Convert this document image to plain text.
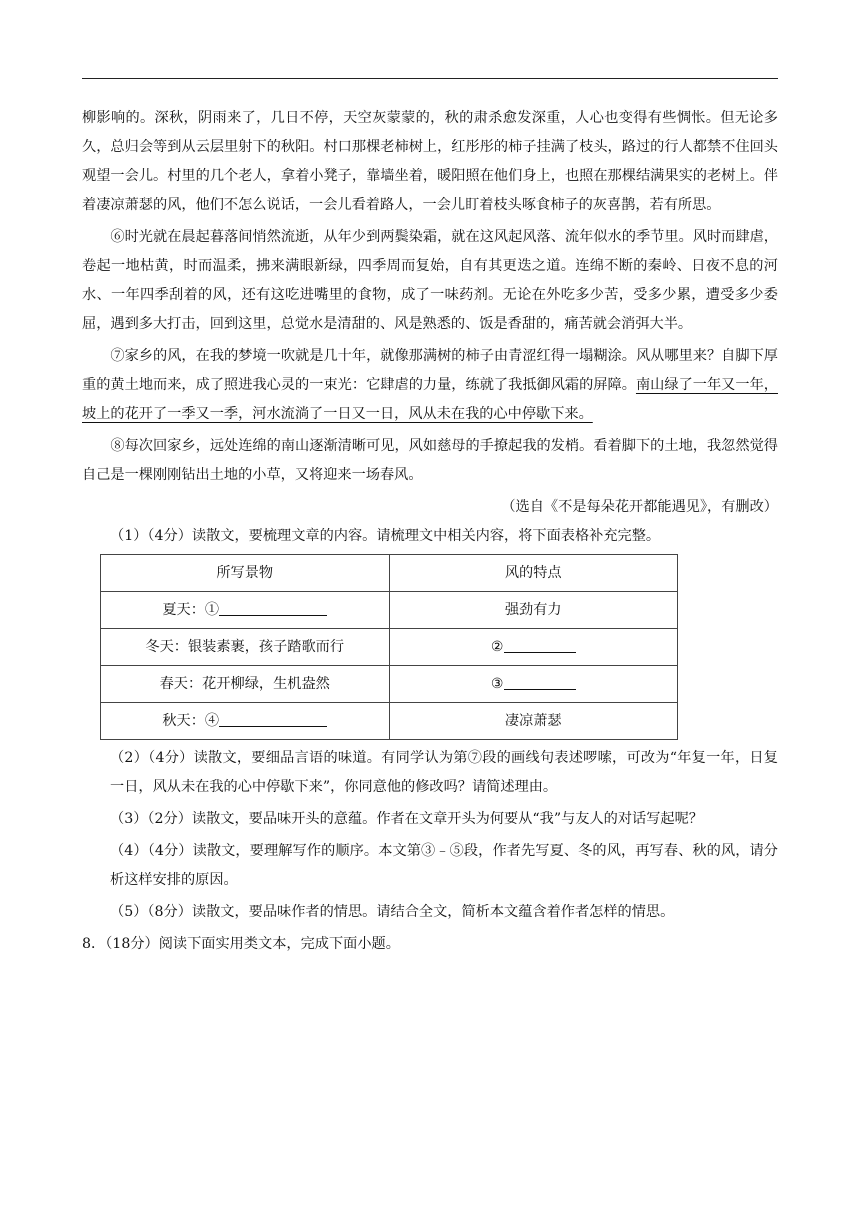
柳影响的。深秋，阴雨来了，几日不停，天空灰蒙蒙的，秋的肃杀愈发深重，人心也变得有些惆怅。但无论多久，总归会等到从云层里射下的秋阳。村口那棵老柿树上，红彤彤的柿子挂满了枝头，路过的行人都禁不住回头观望一会儿。村里的几个老人，拿着小凳子，靠墙坐着，暖阳照在他们身上，也照在那棵结满果实的老树上。伴着凄凉萧瑟的风，他们不怎么说话，一会儿看着路人，一会儿盯着枝头啄食柿子的灰喜鹊，若有所思。

⑥时光就在晨起暮落间悄然流逝，从年少到两鬓染霜，就在这风起风落、流年似水的季节里。风时而肆虐，卷起一地枯黄，时而温柔，拂来满眼新绿，四季周而复始，自有其更迭之道。连绵不断的秦岭、日夜不息的河水、一年四季刮着的风，还有这吃进嘴里的食物，成了一味药剂。无论在外吃多少苦，受多少累，遭受多少委屈，遇到多大打击，回到这里，总觉水是清甜的、风是熟悉的、饭是香甜的，痛苦就会消弭大半。

⑦家乡的风，在我的梦境一吹就是几十年，就像那满树的柿子由青涩红得一塌糊涂。风从哪里来？自脚下厚重的黄土地而来，成了照进我心灵的一束光：它肆虐的力量，练就了我抵御风霜的屏障。南山绿了一年又一年，坡上的花开了一季又一季，河水流淌了一日又一日，风从未在我的心中停歇下来。

⑧每次回家乡，远处连绵的南山逐渐清晰可见，风如慈母的手撩起我的发梢。看着脚下的土地，我忽然觉得自己是一棵刚刚钻出土地的小草，又将迎来一场春风。

（选自《不是每朵花开都能遇见》，有删改）

（1）（4分）读散文，要梳理文章的内容。请梳理文中相关内容，将下面表格补充完整。

所写景物	风的特点
夏天：①	强劲有力
冬天：银装素裹，孩子踏歌而行	②
春天：花开柳绿，生机盎然	③
秋天：④	凄凉萧瑟

（2）（4分）读散文，要细品言语的味道。有同学认为第⑦段的画线句表述啰嗦，可改为“年复一年，日复一日，风从未在我的心中停歇下来”，你同意他的修改吗？请简述理由。

（3）（2分）读散文，要品味开头的意蕴。作者在文章开头为何要从“我”与友人的对话写起呢？

（4）（4分）读散文，要理解写作的顺序。本文第③﹣⑤段，作者先写夏、冬的风，再写春、秋的风，请分析这样安排的原因。

（5）（8分）读散文，要品味作者的情思。请结合全文，简析本文蕴含着作者怎样的情思。

8．（18分）阅读下面实用类文本，完成下面小题。
